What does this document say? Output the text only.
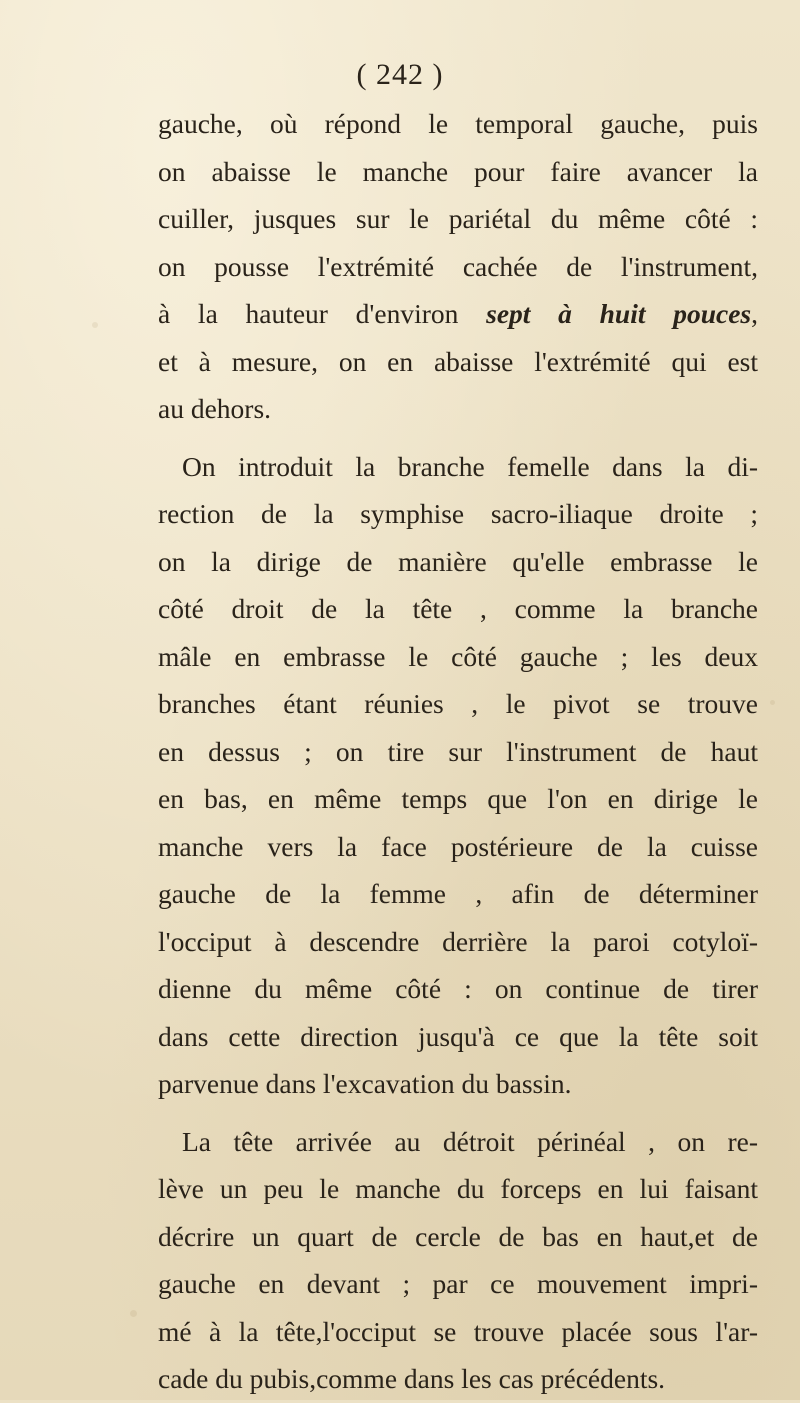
( 242 )
gauche, où répond le temporal gauche, puis
on abaisse le manche pour faire avancer la
cuiller, jusques sur le pariétal du même côté :
on pousse l'extrémité cachée de l'instrument,
à la hauteur d'environ sept à huit pouces,
et à mesure, on en abaisse l'extrémité qui est
au dehors.
On introduit la branche femelle dans la di-
rection de la symphise sacro-iliaque droite ;
on la dirige de manière qu'elle embrasse le
côté droit de la tête , comme la branche
mâle en embrasse le côté gauche ; les deux
branches étant réunies , le pivot se trouve
en dessus ; on tire sur l'instrument de haut
en bas, en même temps que l'on en dirige le
manche vers la face postérieure de la cuisse
gauche de la femme , afin de déterminer
l'occiput à descendre derrière la paroi cotyloï-
dienne du même côté : on continue de tirer
dans cette direction jusqu'à ce que la tête soit
parvenue dans l'excavation du bassin.
La tête arrivée au détroit périnéal , on re-
lève un peu le manche du forceps en lui faisant
décrire un quart de cercle de bas en haut,et de
gauche en devant ; par ce mouvement impri-
mé à la tête,l'occiput se trouve placée sous l'ar-
cade du pubis,comme dans les cas précédents.
